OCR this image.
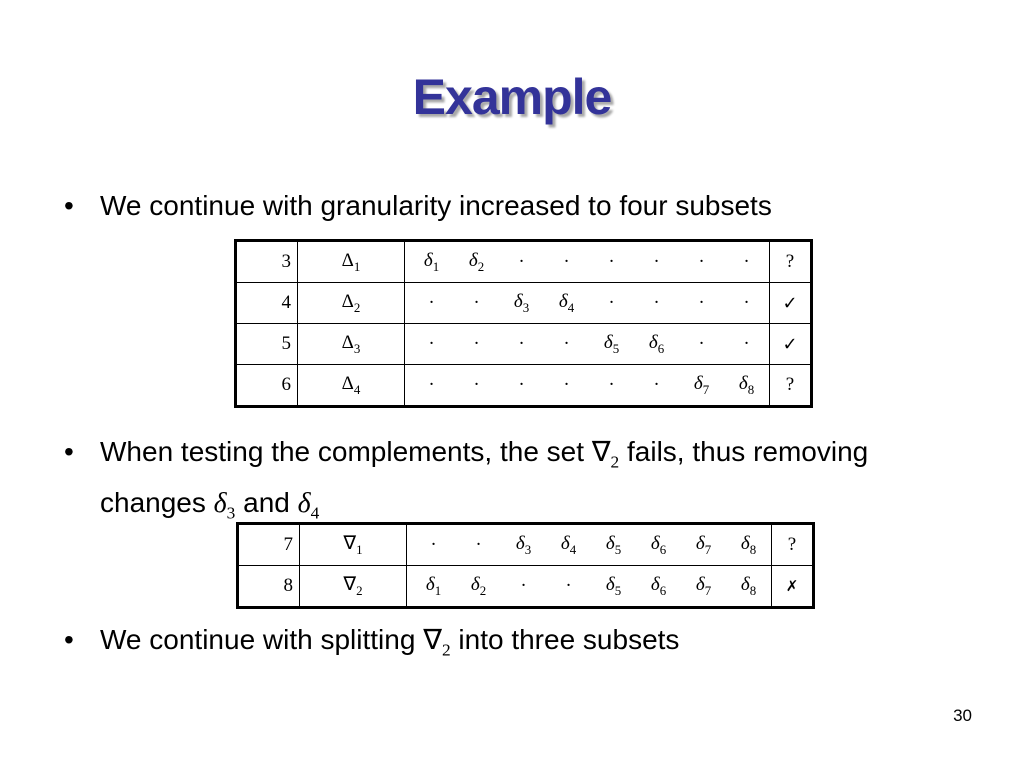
Example
• We continue with granularity increased to four subsets
3	$\Delta_1$	$\delta_1$	$\delta_2$	·	·	·	·	·	·	?
4	$\Delta_2$	·	·	$\delta_3$	$\delta_4$	·	·	·	·	✓
5	$\Delta_3$	·	·	·	·	$\delta_5$	$\delta_6$	·	·	✓
6	$\Delta_4$	·	·	·	·	·	·	$\delta_7$	$\delta_8$	?
• When testing the complements, the set $\nabla_2$ fails, thus removing changes $\delta_3$ and $\delta_4$
7	$\nabla_1$	·	·	$\delta_3$	$\delta_4$	$\delta_5$	$\delta_6$	$\delta_7$	$\delta_8$	?
8	$\nabla_2$	$\delta_1$	$\delta_2$	·	·	$\delta_5$	$\delta_6$	$\delta_7$	$\delta_8$	✗
• We continue with splitting $\nabla_2$ into three subsets
30
